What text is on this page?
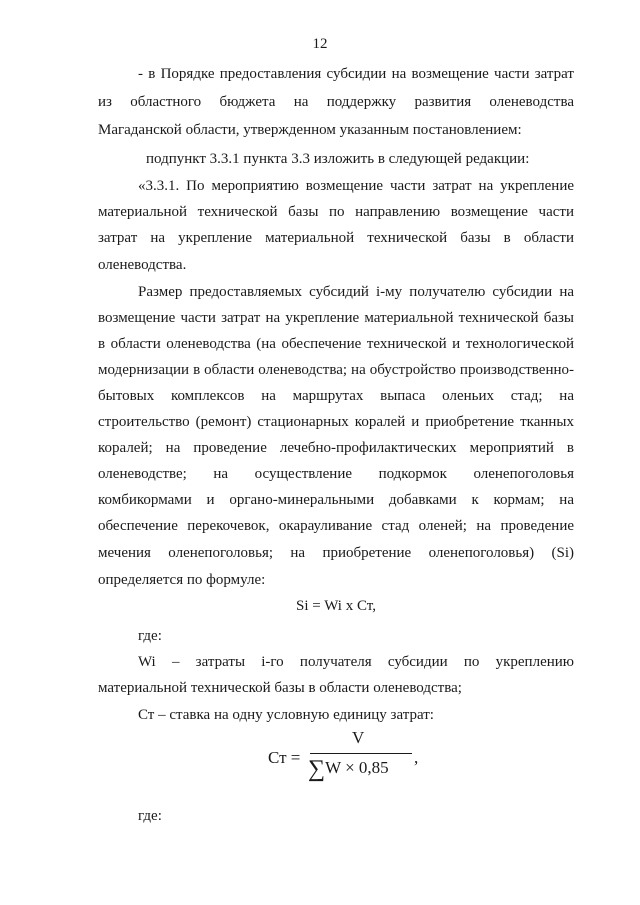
12
- в Порядке предоставления субсидии на возмещение части затрат
из областного бюджета на поддержку развития оленеводства
Магаданской области, утвержденном указанным постановлением:
подпункт 3.3.1 пункта 3.3 изложить в следующей редакции:
«3.3.1. По мероприятию возмещение части затрат на укрепление
материальной технической базы по направлению возмещение части
затрат на укрепление материальной технической базы в области
оленеводства.
Размер предоставляемых субсидий i-му получателю субсидии на
возмещение части затрат на укрепление материальной технической базы
в области оленеводства (на обеспечение технической и технологической
модернизации в области оленеводства; на обустройство производственно-
бытовых комплексов на маршрутах выпаса оленьих стад; на
строительство (ремонт) стационарных коралей и приобретение тканных
коралей; на проведение лечебно-профилактических мероприятий в
оленеводстве; на осуществление подкормок оленепоголовья
комбикормами и органо-минеральными добавками к кормам; на
обеспечение перекочевок, окарауливание стад оленей; на проведение
мечения оленепоголовья; на приобретение оленепоголовья) (Si)
определяется по формуле:
Si = Wi x Ст,
где:
Wi – затраты i-го получателя субсидии по укреплению
материальной технической базы в области оленеводства;
Ст – ставка на одну условную единицу затрат:
Ст =
V
∑W × 0,85
,
где:
